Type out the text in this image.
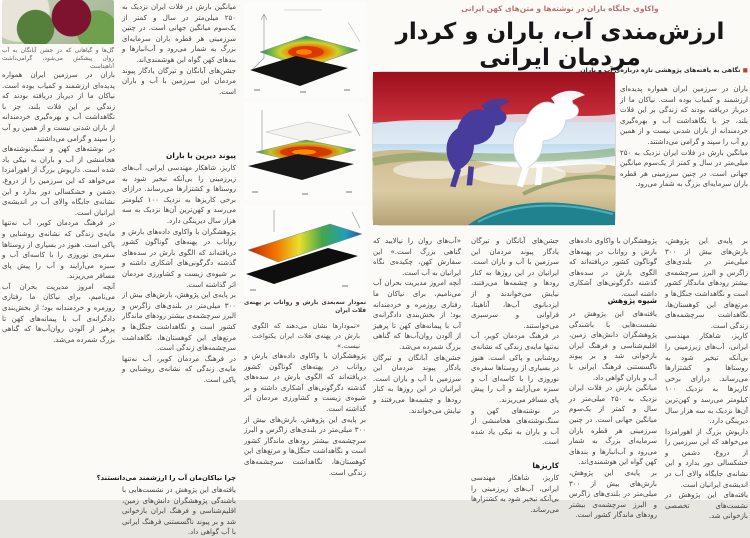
گل‌ها و گیاهانی که در جشن آبانگان به آب روان پیشکش می‌شود، گرامی‌داشت آناهیتاست
باران در سرزمین ایران همواره پدیده‌ای ارزشمند و کمیاب بوده است. نیاکان ما از دیرباز دریافته بودند که زندگی بر این فلات بلند، جز با نگاهداشت آب و بهره‌گیری خردمندانه از باران شدنی نیست و از همین رو آب را سپند و گرامی می‌داشتند.
در نوشته‌های کهن و سنگ‌نوشته‌های هخامنشی از آب و باران به نیکی یاد شده است. داریوش بزرگ از اهورامزدا می‌خواهد که این سرزمین را از دروغ، دشمن و خشکسالی دور بدارد و این نشانه‌ی جایگاه والای آب در اندیشه‌ی ایرانیان است.
در فرهنگ مردمان کویر، آب نه‌تنها مایه‌ی زندگی که نشانه‌ی روشنایی و پاکی است. هنوز در بسیاری از روستاها سفره‌ی نوروزی را با کاسه‌ای آب و سبزه می‌آرایند و آب را پیش پای مسافر می‌ریزند.
آنچه امروز مدیریت بحران آب می‌نامیم، برای نیاکان ما رفتاری روزمره و خردمندانه بود؛ از بخش‌بندی دادگرانه‌ی آب با پیمانه‌های کهن تا پرهیز از آلودن روان‌آب‌ها که گناهی بزرگ شمرده می‌شد.
میانگین بارش در فلات ایران نزدیک به ۲۵۰ میلی‌متر در سال و کمتر از یک‌سوم میانگین جهانی است. در چنین سرزمینی هر قطره باران سرمایه‌ای بزرگ به شمار می‌رود و آب‌انبارها و بندهای کهن گواه این هوشمندی‌اند.
جشن‌های آبانگان و تیرگان یادگار پیوند مردمان این سرزمین با آب و باران است.
پیوند دیرین با باران
کاریز، شاهکار مهندسی ایرانی، آب‌های زیرزمینی را بی‌آنکه تبخیر شود به روستاها و کشتزارها می‌رساند. درازای برخی کاریزها به نزدیک ۱۰۰ کیلومتر می‌رسد و کهن‌ترین آن‌ها نزدیک به سه هزار سال دیرینگی دارد.
پژوهشگران با واکاوی داده‌های بارش و رواناب در پهنه‌های گوناگون کشور دریافته‌اند که الگوی بارش در سده‌های گذشته دگرگونی‌های آشکاری داشته و بر شیوه‌ی زیست و کشاورزی مردمان اثر گذاشته است.
بر پایه‌ی این پژوهش، بارش‌های بیش از ۳۰۰ میلی‌متر در بلندی‌های زاگرس و البرز سرچشمه‌ی بیشتر رودهای ماندگار کشور است و نگاهداشت جنگل‌ها و مرتع‌های این کوهستان‌ها، نگاهداشت سرچشمه‌های زندگی است.
در فرهنگ مردمان کویر، آب نه‌تنها مایه‌ی زندگی که نشانه‌ی روشنایی و پاکی است.
چرا نیاکان‌مان آب را ارزشمند می‌دانستند؟
یافته‌های این پژوهش در نشست‌هایی با باشندگی پژوهشگران دانش‌های زمین، اقلیم‌شناسی و فرهنگ ایران بازخوانی شد و بر پیوند ناگسستنی فرهنگ ایرانی با آب گواهی داد.
نمودار سه‌بعدی بارش و رواناب بر پهنه‌ی فلات ایران
«نمودارها نشان می‌دهند که الگوی بارش در پهنه‌ی فلات ایران یکنواخت نیست.»
پژوهشگران با واکاوی داده‌های بارش و رواناب در پهنه‌های گوناگون کشور دریافته‌اند که الگوی بارش در سده‌های گذشته دگرگونی‌های آشکاری داشته و بر شیوه‌ی زیست و کشاورزی مردمان اثر گذاشته است.
بر پایه‌ی این پژوهش، بارش‌های بیش از ۳۰۰ میلی‌متر در بلندی‌های زاگرس و البرز سرچشمه‌ی بیشتر رودهای ماندگار کشور است و نگاهداشت جنگل‌ها و مرتع‌های این کوهستان‌ها، نگاهداشت سرچشمه‌های زندگی است.
واکاوی جایگاه باران در نوشته‌ها و متن‌های کهن ایرانی
ارزش‌مندی آب، باران و کردار مردمان ایرانی	◼ نگاهی به یافته‌های پژوهشی تازه درباره‌ی آب و باران
باران در سرزمین ایران همواره پدیده‌ای ارزشمند و کمیاب بوده است. نیاکان ما از دیرباز دریافته بودند که زندگی بر این فلات بلند، جز با نگاهداشت آب و بهره‌گیری خردمندانه از باران شدنی نیست و از همین رو آب را سپند و گرامی می‌داشتند.
میانگین بارش در فلات ایران نزدیک به ۲۵۰ میلی‌متر در سال و کمتر از یک‌سوم میانگین جهانی است. در چنین سرزمینی هر قطره باران سرمایه‌ای بزرگ به شمار می‌رود.
«آب‌های روان را نیالایید که گناهی بزرگ است.» این سفارش کهن، چکیده‌ی نگاه ایرانیان به آب است.
آنچه امروز مدیریت بحران آب می‌نامیم، برای نیاکان ما رفتاری روزمره و خردمندانه بود؛ از بخش‌بندی دادگرانه‌ی آب با پیمانه‌های کهن تا پرهیز از آلودن روان‌آب‌ها که گناهی بزرگ شمرده می‌شد.
جشن‌های آبانگان و تیرگان یادگار پیوند مردمان این سرزمین با آب و باران است. ایرانیان در این روزها به کنار رودها و چشمه‌ها می‌رفتند و نیایش می‌خواندند.
جشن‌های آبانگان و تیرگان یادگار پیوند مردمان این سرزمین با آب و باران است. ایرانیان در این روزها به کنار رودها و چشمه‌ها می‌رفتند، نیایش می‌خواندند و از ایزدبانوی آب‌ها، آناهیتا، فراوانی و سرسبزی می‌خواستند.
در فرهنگ مردمان کویر، آب نه‌تنها مایه‌ی زندگی که نشانه‌ی روشنایی و پاکی است. هنوز در بسیاری از روستاها سفره‌ی نوروزی را با کاسه‌ای آب و سبزه می‌آرایند و آب را پیش پای مسافر می‌ریزند.
در نوشته‌های کهن و سنگ‌نوشته‌های هخامنشی از آب و باران به نیکی یاد شده است.
کاریزها
کاریز، شاهکار مهندسی ایرانی، آب‌های زیرزمینی را بی‌آنکه تبخیر شود به کشتزارها می‌رساند.
پژوهشگران با واکاوی داده‌های بارش و رواناب در پهنه‌های گوناگون کشور دریافته‌اند که الگوی بارش در سده‌های گذشته دگرگونی‌های آشکاری داشته است.
شیوه پژوهش
یافته‌های این پژوهش در نشست‌هایی با باشندگی پژوهشگران دانش‌های زمین، اقلیم‌شناسی و فرهنگ ایران بازخوانی شد و بر پیوند ناگسستنی فرهنگ ایرانی با آب و باران گواهی داد.
میانگین بارش در فلات ایران نزدیک به ۲۵۰ میلی‌متر در سال و کمتر از یک‌سوم میانگین جهانی است. در چنین سرزمینی هر قطره باران سرمایه‌ای بزرگ به شمار می‌رود و آب‌انبارها و بندهای کهن گواه این هوشمندی‌اند.
بر پایه‌ی این پژوهش، بارش‌های بیش از ۳۰۰ میلی‌متر در بلندی‌های زاگرس و البرز سرچشمه‌ی بیشتر رودهای ماندگار کشور است.
بر پایه‌ی این پژوهش، بارش‌های بیش از ۳۰۰ میلی‌متر در بلندی‌های زاگرس و البرز سرچشمه‌ی بیشتر رودهای ماندگار کشور است و نگاهداشت جنگل‌ها و مرتع‌های این کوهستان‌ها، نگاهداشت سرچشمه‌های زندگی است.
کاریز، شاهکار مهندسی ایرانی، آب‌های زیرزمینی را بی‌آنکه تبخیر شود به روستاها و کشتزارها می‌رساند. درازای برخی کاریزها به نزدیک ۱۰۰ کیلومتر می‌رسد و کهن‌ترین آن‌ها نزدیک به سه هزار سال دیرینگی دارد.
داریوش بزرگ از اهورامزدا می‌خواهد که این سرزمین را از دروغ، دشمن و خشکسالی دور بدارد و این نشانه‌ی جایگاه والای آب در اندیشه‌ی ایرانیان است.
یافته‌های این پژوهش در نشست‌های تخصصی بازخوانی شد.
